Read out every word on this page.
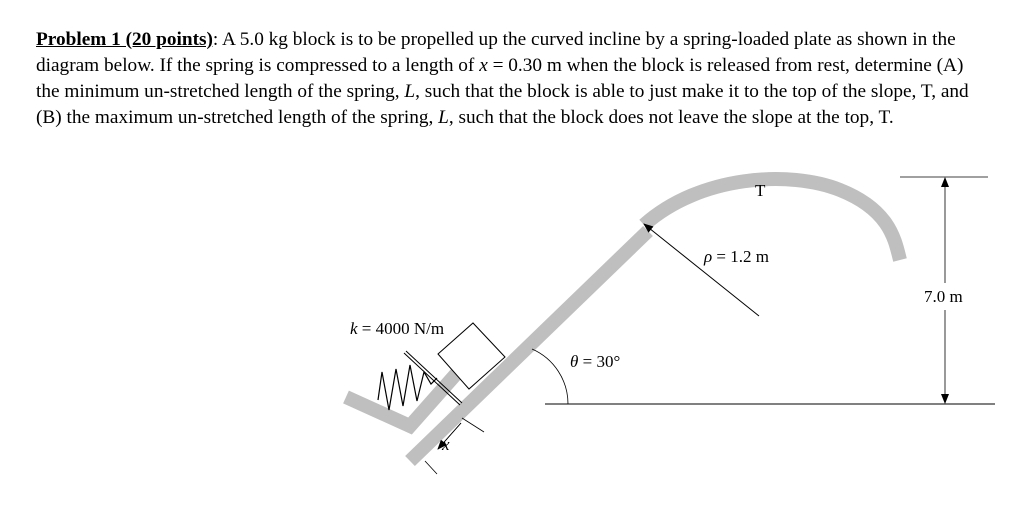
Problem 1 (20 points): A 5.0 kg block is to be propelled up the curved incline by a spring-loaded plate as shown in the diagram below. If the spring is compressed to a length of x = 0.30 m when the block is released from rest, determine (A) the minimum un-stretched length of the spring, L, such that the block is able to just make it to the top of the slope, T, and (B) the maximum un-stretched length of the spring, L, such that the block does not leave the slope at the top, T.

x
T
ρ = 1.2 m
7.0 m
k = 4000 N/m
θ = 30°
